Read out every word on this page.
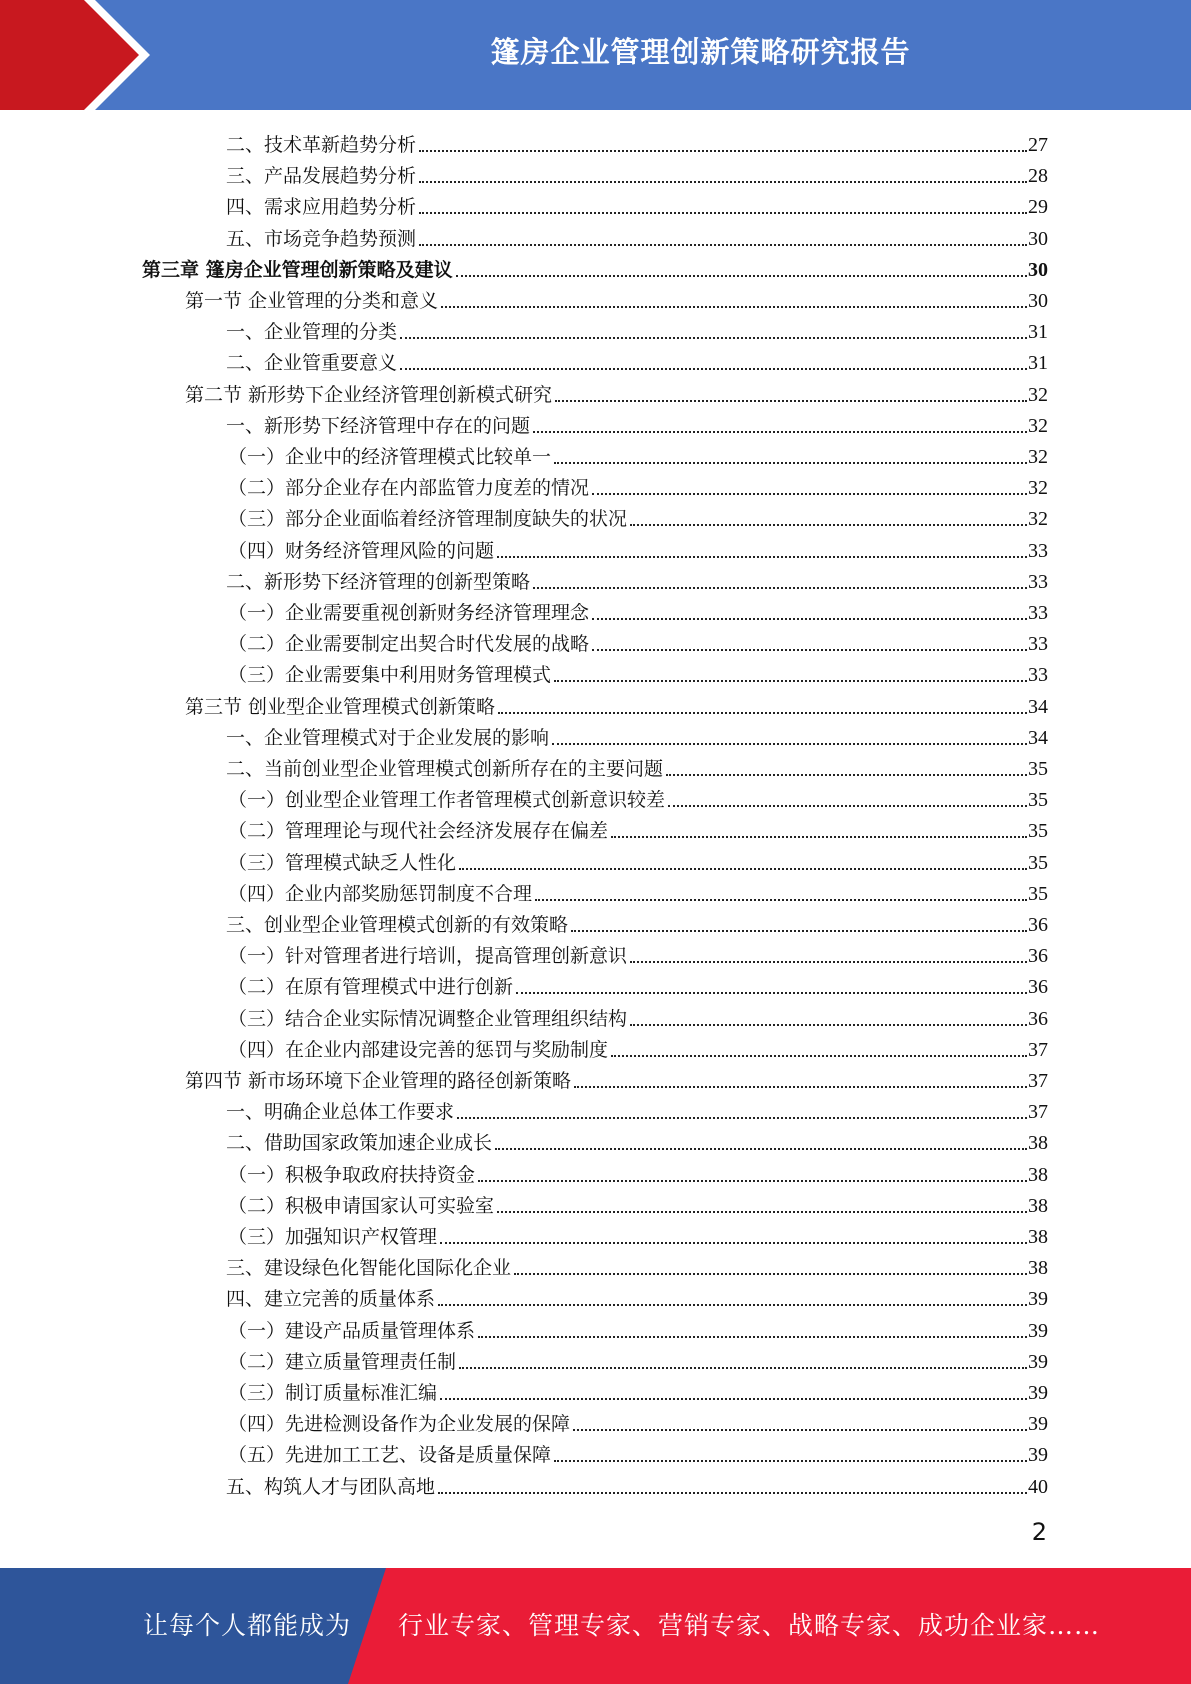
篷房企业管理创新策略研究报告
二、技术革新趋势分析	27
三、产品发展趋势分析	28
四、需求应用趋势分析	29
五、市场竞争趋势预测	30
第三章 篷房企业管理创新策略及建议	30
第一节 企业管理的分类和意义	30
一、企业管理的分类	31
二、企业管重要意义	31
第二节 新形势下企业经济管理创新模式研究	32
一、新形势下经济管理中存在的问题	32
（一）企业中的经济管理模式比较单一	32
（二）部分企业存在内部监管力度差的情况	32
（三）部分企业面临着经济管理制度缺失的状况	32
（四）财务经济管理风险的问题	33
二、新形势下经济管理的创新型策略	33
（一）企业需要重视创新财务经济管理理念	33
（二）企业需要制定出契合时代发展的战略	33
（三）企业需要集中利用财务管理模式	33
第三节 创业型企业管理模式创新策略	34
一、企业管理模式对于企业发展的影响	34
二、当前创业型企业管理模式创新所存在的主要问题	35
（一）创业型企业管理工作者管理模式创新意识较差	35
（二）管理理论与现代社会经济发展存在偏差	35
（三）管理模式缺乏人性化	35
（四）企业内部奖励惩罚制度不合理	35
三、创业型企业管理模式创新的有效策略	36
（一）针对管理者进行培训，提高管理创新意识	36
（二）在原有管理模式中进行创新	36
（三）结合企业实际情况调整企业管理组织结构	36
（四）在企业内部建设完善的惩罚与奖励制度	37
第四节 新市场环境下企业管理的路径创新策略	37
一、明确企业总体工作要求	37
二、借助国家政策加速企业成长	38
（一）积极争取政府扶持资金	38
（二）积极申请国家认可实验室	38
（三）加强知识产权管理	38
三、建设绿色化智能化国际化企业	38
四、建立完善的质量体系	39
（一）建设产品质量管理体系	39
（二）建立质量管理责任制	39
（三）制订质量标准汇编	39
（四）先进检测设备作为企业发展的保障	39
（五）先进加工工艺、设备是质量保障	39
五、构筑人才与团队高地	40
2
让每个人都能成为 行业专家、管理专家、营销专家、战略专家、成功企业家……
